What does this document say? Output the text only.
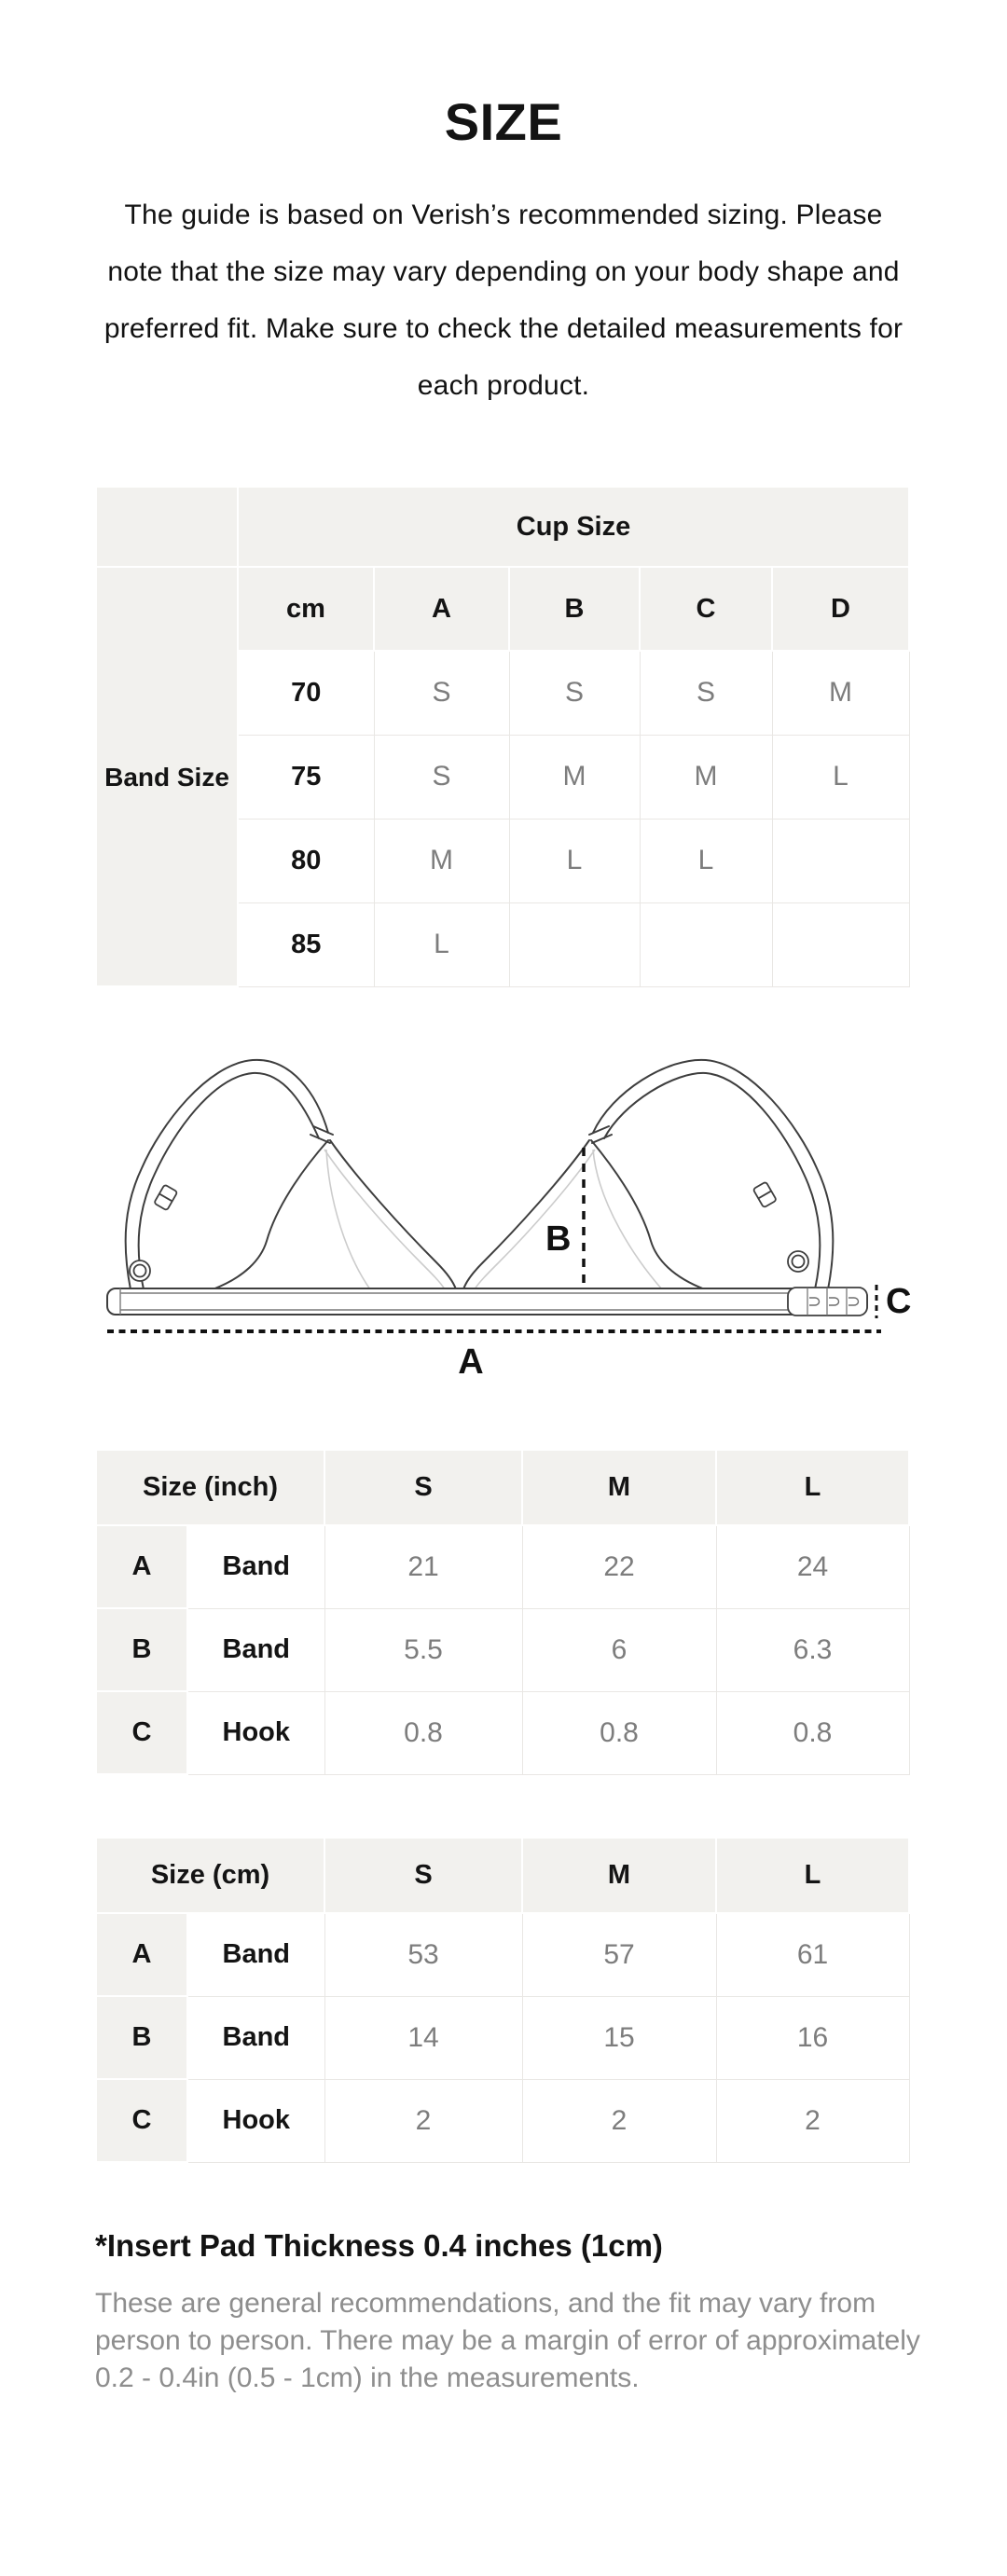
SIZE

The guide is based on Verish’s recommended sizing. Please note that the size may vary depending on your body shape and preferred fit. Make sure to check the detailed measurements for each product.

	Cup Size				
Band Size	cm	A	B	C	D
	70	S	S	S	M
	75	S	M	M	L
	80	M	L	L	
	85	L			
B
A
C
Size (inch)		S	M	L
A	Band	21	22	24
B	Band	5.5	6	6.3
C	Hook	0.8	0.8	0.8
Size (cm)		S	M	L
A	Band	53	57	61
B	Band	14	15	16
C	Hook	2	2	2

*Insert Pad Thickness 0.4 inches (1cm)

These are general recommendations, and the fit may vary from person to person. There may be a margin of error of approximately 0.2 - 0.4in (0.5 - 1cm) in the measurements.
